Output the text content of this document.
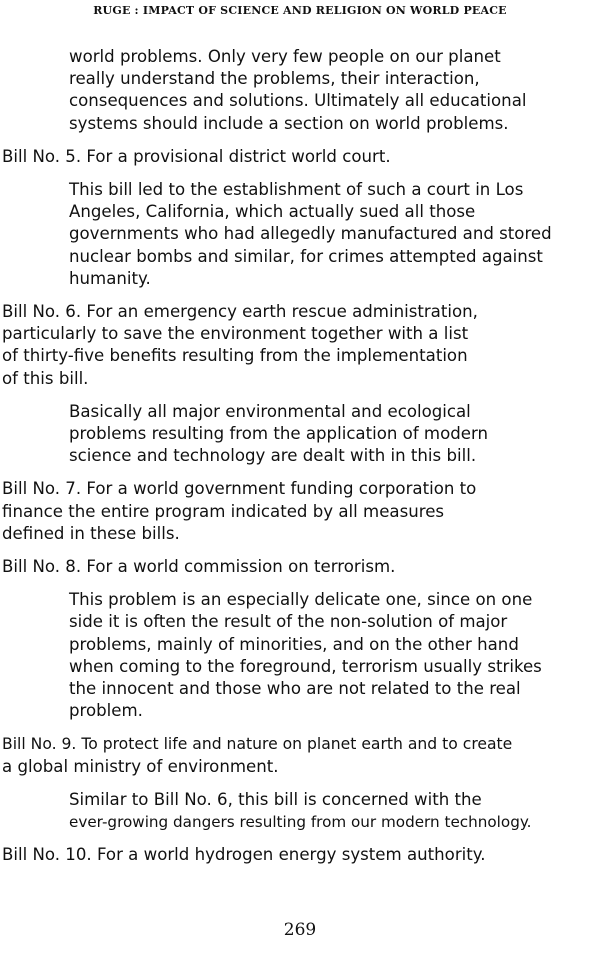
RUGE : IMPACT OF SCIENCE AND RELIGION ON WORLD PEACE

world problems. Only very few people on our planet
really understand the problems, their interaction,
consequences and solutions. Ultimately all educational
systems should include a section on world problems.

Bill No. 5. For a provisional district world court.

This bill led to the establishment of such a court in Los
Angeles, California, which actually sued all those
governments who had allegedly manufactured and stored
nuclear bombs and similar, for crimes attempted against
humanity.

Bill No. 6. For an emergency earth rescue administration,
particularly to save the environment together with a list
of thirty-five benefits resulting from the implementation
of this bill.

Basically all major environmental and ecological
problems resulting from the application of modern
science and technology are dealt with in this bill.

Bill No. 7. For a world government funding corporation to
finance the entire program indicated by all measures
defined in these bills.

Bill No. 8. For a world commission on terrorism.

This problem is an especially delicate one, since on one
side it is often the result of the non-solution of major
problems, mainly of minorities, and on the other hand
when coming to the foreground, terrorism usually strikes
the innocent and those who are not related to the real
problem.

Bill No. 9. To protect life and nature on planet earth and to create
a global ministry of environment.

Similar to Bill No. 6, this bill is concerned with the
ever-growing dangers resulting from our modern technology.

Bill No. 10. For a world hydrogen energy system authority.

269
